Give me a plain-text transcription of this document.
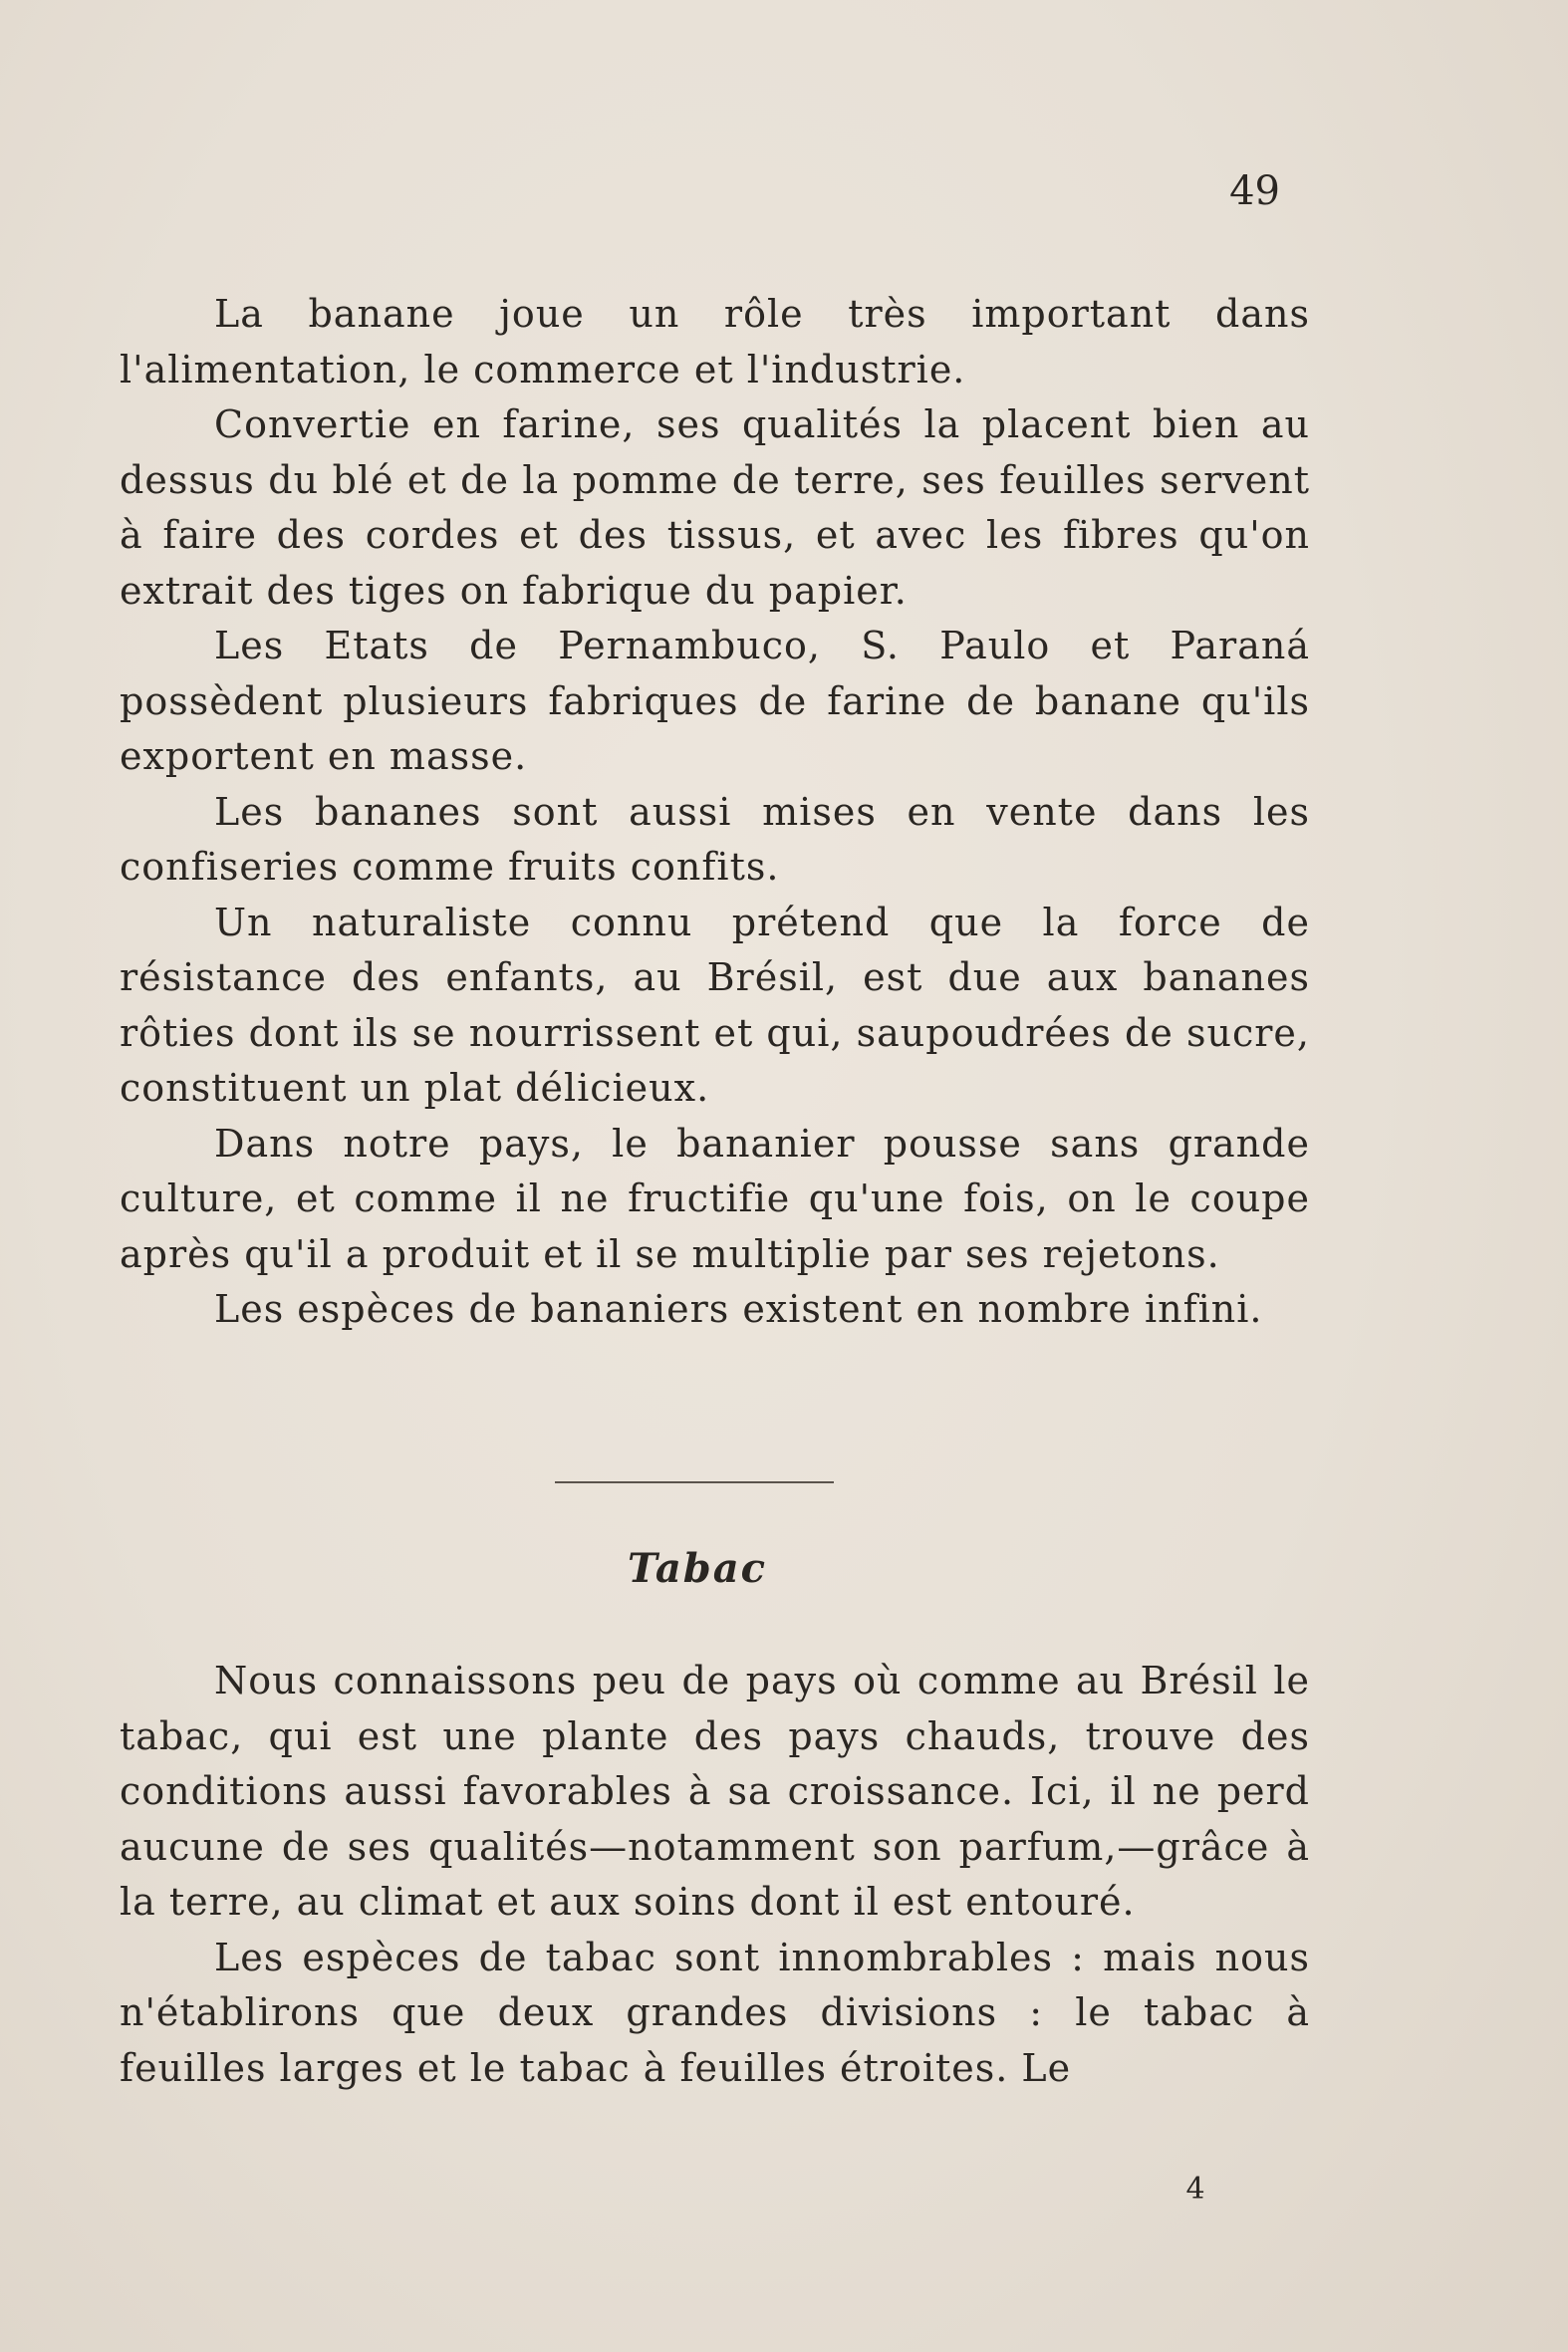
49

La banane joue un rôle très important dans l'alimentation, le commerce et l'industrie.

Convertie en farine, ses qualités la placent bien au dessus du blé et de la pomme de terre, ses feuilles servent à faire des cordes et des tissus, et avec les fibres qu'on extrait des tiges on fabrique du papier.

Les Etats de Pernambuco, S. Paulo et Paraná possèdent plusieurs fabriques de farine de banane qu'ils exportent en masse.

Les bananes sont aussi mises en vente dans les confiseries comme fruits confits.

Un naturaliste connu prétend que la force de résistance des enfants, au Brésil, est due aux bananes rôties dont ils se nourrissent et qui, saupoudrées de sucre, constituent un plat délicieux.

Dans notre pays, le bananier pousse sans grande culture, et comme il ne fructifie qu'une fois, on le coupe après qu'il a produit et il se multiplie par ses rejetons.

Les espèces de bananiers existent en nombre infini.

Tabac

Nous connaissons peu de pays où comme au Brésil le tabac, qui est une plante des pays chauds, trouve des conditions aussi favorables à sa croissance. Ici, il ne perd aucune de ses qualités—notamment son parfum,—grâce à la terre, au climat et aux soins dont il est entouré.

Les espèces de tabac sont innombrables : mais nous n'établirons que deux grandes divisions : le tabac à feuilles larges et le tabac à feuilles étroites. Le

4
